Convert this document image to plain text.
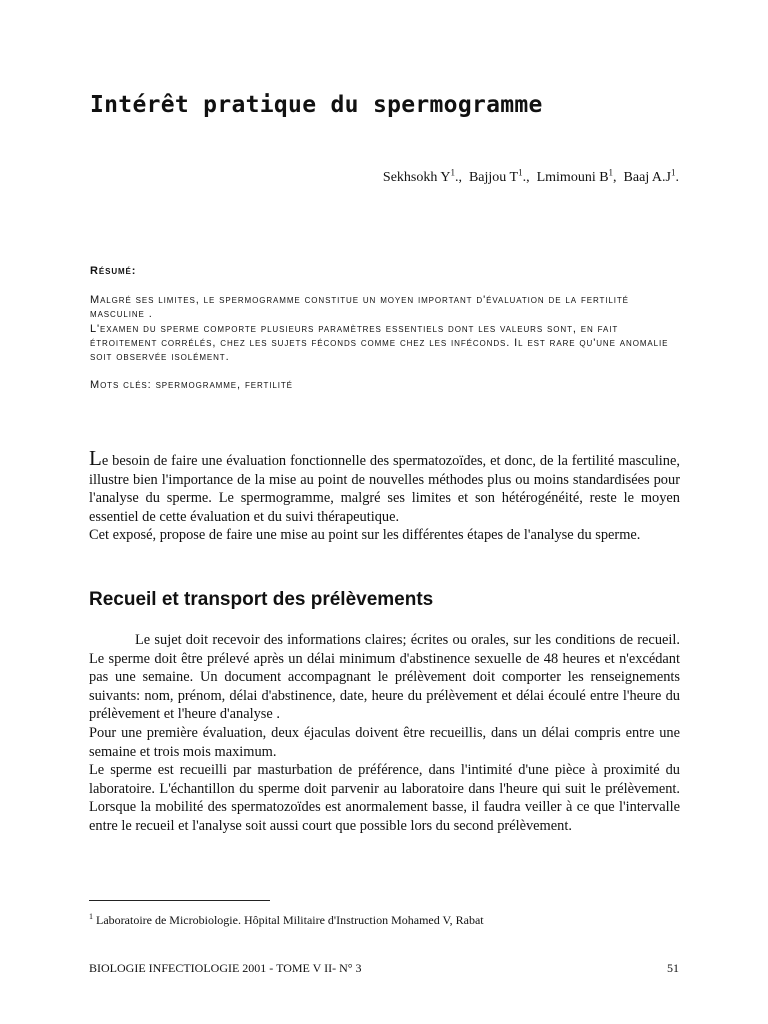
Intérêt pratique du spermogramme
Sekhsokh $Y^1$., Bajjou $T^1$., Lmimouni $B^1$, Baaj $A.J^1$.
Résumé:

Malgré ses limites, le spermogramme constitue un moyen important d'évaluation de la fertilité masculine .

L'examen du sperme comporte plusieurs paramètres essentiels dont les valeurs sont, en fait étroitement corrélés, chez les sujets féconds comme chez les inféconds. Il est rare qu'une anomalie soit observée isolément.

Mots clés: spermogramme, fertilité

Le besoin de faire une évaluation fonctionnelle des spermatozoïdes, et donc, de la fertilité masculine, illustre bien l'importance de la mise au point de nouvelles méthodes plus ou moins standardisées pour l'analyse du sperme. Le spermogramme, malgré ses limites et son hétérogénéité, reste le moyen essentiel de cette évaluation et du suivi thérapeutique.

Cet exposé, propose de faire une mise au point sur les différentes étapes de l'analyse du sperme.

Recueil et transport des prélèvements

Le sujet doit recevoir des informations claires; écrites ou orales, sur les conditions de recueil. Le sperme doit être prélevé après un délai minimum d'abstinence sexuelle de 48 heures et n'excédant pas une semaine. Un document accompagnant le prélèvement doit comporter les renseignements suivants: nom, prénom, délai d'abstinence, date, heure du prélèvement et délai écoulé entre l'heure du prélèvement et l'heure d'analyse .

Pour une première évaluation, deux éjaculas doivent être recueillis, dans un délai compris entre une semaine et trois mois maximum.

Le sperme est recueilli par masturbation de préférence, dans l'intimité d'une pièce à proximité du laboratoire. L'échantillon du sperme doit parvenir au laboratoire dans l'heure qui suit le prélèvement. Lorsque la mobilité des spermatozoïdes est anormalement basse, il faudra veiller à ce que l'intervalle entre le recueil et l'analyse soit aussi court que possible lors du second prélèvement.

$^1$ Laboratoire de Microbiologie. Hôpital Militaire d'Instruction Mohamed V, Rabat
BIOLOGIE INFECTIOLOGIE 2001 - TOME V II- N° 3	51
